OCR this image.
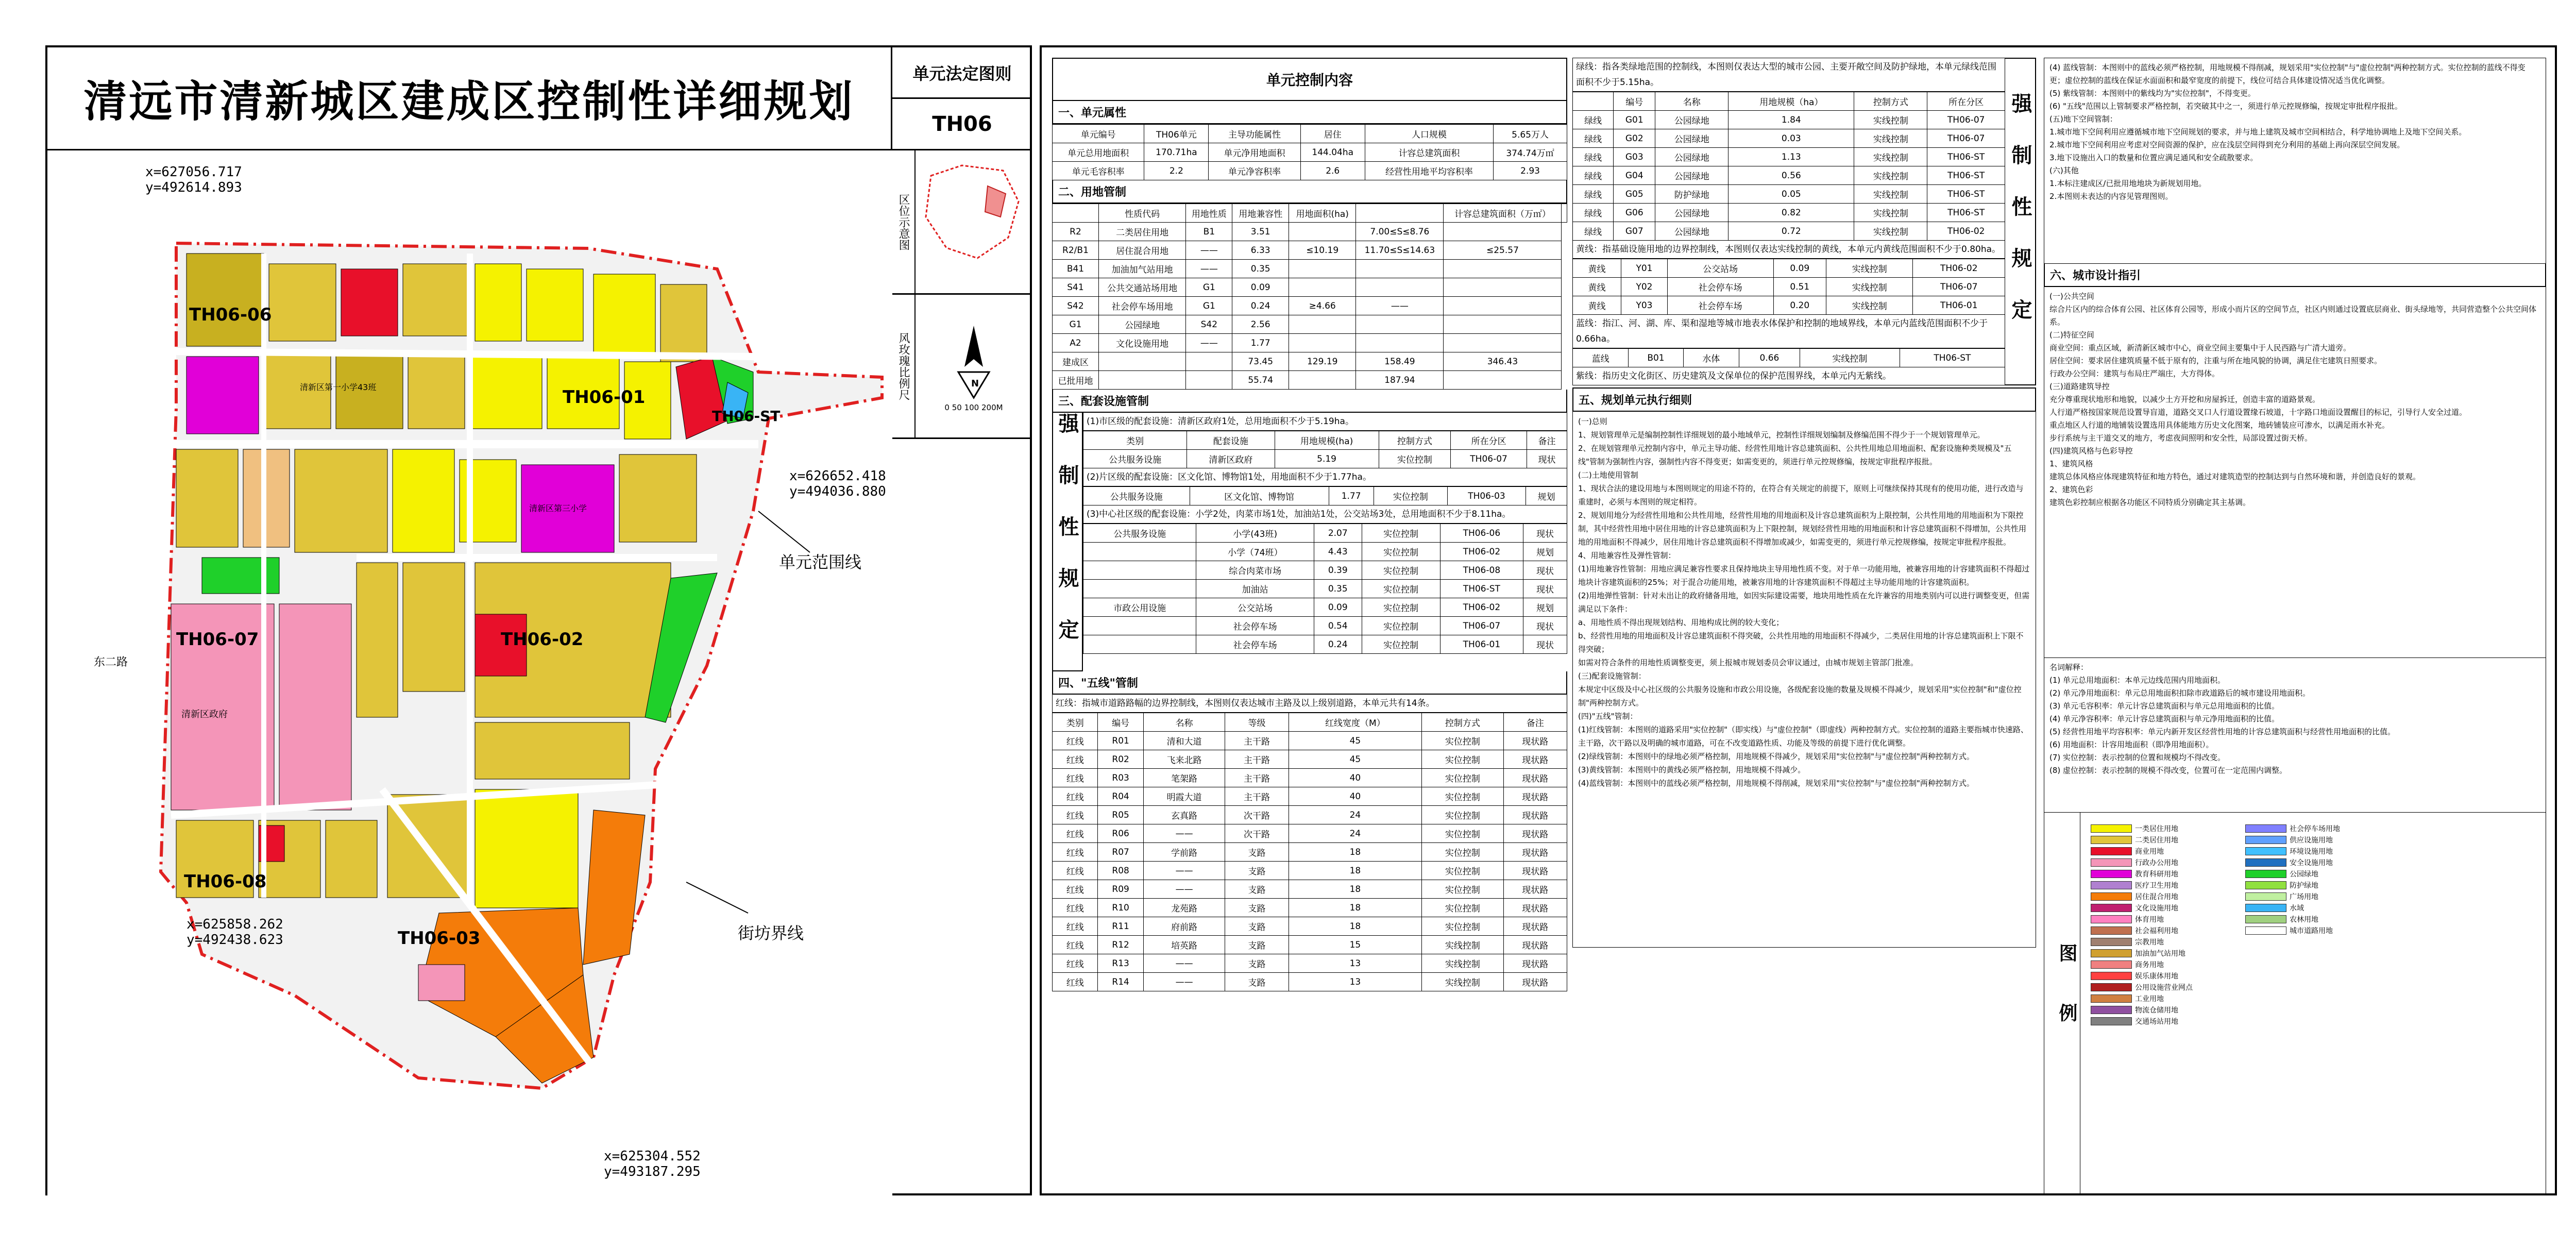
清远市清新城区建成区控制性详细规划
单元法定图则
TH06
区位示意图
风玫瑰比例尺	N
0 50 100 200M
TH06-06
TH06-01
TH06-ST
TH06-07	TH06-02
TH06-08
TH06-03
东二路
清新区第一小学43班
清新区第三小学
清新区政府
x=627056.717
y=492614.893
x=626652.418
y=494036.880
x=625858.262
y=492438.623
x=625304.552
y=493187.295
单元范围线
街坊界线
单元控制内容
一、单元属性
单元编号	TH06单元	主导功能属性	居住	人口规模	5.65万人
单元总用地面积	170.71ha	单元净用地面积	144.04ha	计容总建筑面积	374.74万㎡
单元毛容积率	2.2	单元净容积率	2.6	经营性用地平均容积率	2.93
二、用地管制
	性质代码	用地性质	用地兼容性	用地面积(ha)		计容总建筑面积（万㎡）	
R2	二类居住用地	B1	3.51		7.00≤S≤8.76		
R2/B1	居住混合用地	——	6.33	≤10.19	11.70≤S≤14.63	≤25.57	
B41	加油加气站用地	——	0.35				
S41	公共交通站场用地	G1	0.09				
S42	社会停车场用地	G1	0.24	≥4.66	——		
G1	公园绿地	S42	2.56				
A2	文化设施用地	——	1.77				
建成区			73.45	129.19	158.49	346.43	
已批用地			55.74		187.94		
三、配套设施管制
强制性规定 (1)市区级的配套设施：清新区政府1处，总用地面积不少于5.19ha。
类别	配套设施	用地规模(ha)	控制方式	所在分区	备注
公共服务设施	清新区政府	5.19	实位控制	TH06-07	现状
(2)片区级的配套设施：区文化馆、博物馆1处，用地面积不少于1.77ha。
公共服务设施	区文化馆、博物馆	1.77	实位控制	TH06-03	规划
(3)中心社区级的配套设施：小学2处，肉菜市场1处，加油站1处，公交站场3处，总用地面积不少于8.11ha。
公共服务设施	小学(43班)	2.07	实位控制	TH06-06	现状
	小学（74班）	4.43	实位控制	TH06-02	规划
	综合肉菜市场	0.39	实位控制	TH06-08	现状
	加油站	0.35	实位控制	TH06-ST	现状
市政公用设施	公交站场	0.09	实位控制	TH06-02	规划
	社会停车场	0.54	实位控制	TH06-07	现状
	社会停车场	0.24	实位控制	TH06-01	现状
四、"五线"管制
红线：指城市道路路幅的边界控制线，本图则仅表达城市主路及以上级别道路，本单元共有14条。
类别	编号	名称	等级	红线宽度（M）	控制方式	备注
红线	R01	清和大道	主干路	45	实位控制	现状路
红线	R02	飞来北路	主干路	45	实位控制	现状路
红线	R03	笔架路	主干路	40	实位控制	现状路
红线	R04	明霞大道	主干路	40	实位控制	现状路
红线	R05	玄真路	次干路	24	实位控制	现状路
红线	R06	——	次干路	24	实位控制	现状路
红线	R07	学前路	支路	18	实位控制	现状路
红线	R08	——	支路	18	实位控制	现状路
红线	R09	——	支路	18	实位控制	现状路
红线	R10	龙苑路	支路	18	实位控制	现状路
红线	R11	府前路	支路	18	实位控制	现状路
红线	R12	培英路	支路	15	实线控制	现状路
红线	R13	——	支路	13	实线控制	现状路
红线	R14	——	支路	13	实线控制	现状路
绿线：指各类绿地范围的控制线，本图则仅表达大型的城市公园、主要开敞空间及防护绿地，本单元绿线范围面积不少于5.15ha。
	编号	名称	用地规模（ha）	控制方式	所在分区
绿线	G01	公园绿地	1.84	实线控制	TH06-07
绿线	G02	公园绿地	0.03	实线控制	TH06-07
绿线	G03	公园绿地	1.13	实线控制	TH06-ST
绿线	G04	公园绿地	0.56	实线控制	TH06-ST
绿线	G05	防护绿地	0.05	实线控制	TH06-ST
绿线	G06	公园绿地	0.82	实线控制	TH06-ST
绿线	G07	公园绿地	0.72	实线控制	TH06-02
黄线：指基础设施用地的边界控制线，本图则仅表达实线控制的黄线，本单元内黄线范围面积不少于0.80ha。
黄线	Y01	公交站场	0.09	实线控制	TH06-02
黄线	Y02	社会停车场	0.51	实线控制	TH06-07
黄线	Y03	社会停车场	0.20	实线控制	TH06-01
蓝线：指江、河、湖、库、渠和湿地等城市地表水体保护和控制的地域界线，本单元内蓝线范围面积不少于0.66ha。
蓝线	B01	水体	0.66	实线控制	TH06-ST
紫线：指历史文化街区、历史建筑及文保单位的保护范围界线，本单元内无紫线。
强制性规定
五、规划单元执行细则

(一)总则

1、规划管理单元是编制控制性详细规划的最小地域单元，控制性详细规划编制及修编范围不得少于一个规划管理单元。

2、在规划管理单元控制内容中，单元主导功能、经营性用地计容总建筑面积、公共性用地总用地面积、配套设施种类规模及"五线"管制为强制性内容，强制性内容不得变更；如需变更的，须进行单元控规修编，按规定审批程序报批。

(二)土地使用管制

1、现状合法的建设用地与本图则规定的用途不符的，在符合有关规定的前提下，原则上可继续保持其现有的使用功能，进行改造与重建时，必须与本图则的规定相符。

2、规划用地分为经营性用地和公共性用地，经营性用地的用地面积及计容总建筑面积为上限控制，公共性用地的用地面积为下限控制，其中经营性用地中居住用地的计容总建筑面积为上下限控制，规划经营性用地的用地面积和计容总建筑面积不得增加，公共性用地的用地面积不得减少，居住用地计容总建筑面积不得增加或减少，如需变更的，须进行单元控规修编，按规定审批程序报批。

4、用地兼容性及弹性管制：

(1)用地兼容性管制：用地应满足兼容性要求且保持地块主导用地性质不变。对于单一功能用地，被兼容用地的计容建筑面积不得超过地块计容建筑面积的25%；对于混合功能用地，被兼容用地的计容建筑面积不得超过主导功能用地的计容建筑面积。

(2)用地弹性管制：针对未出让的政府储备用地，如因实际建设需要，地块用地性质在允许兼容的用地类别内可以进行调整变更，但需满足以下条件：

a、用地性质不得出现规划结构、用地构成比例的较大变化；

b、经营性用地的用地面积及计容总建筑面积不得突破，公共性用地的用地面积不得减少，二类居住用地的计容总建筑面积上下限不得突破；

如需对符合条件的用地性质调整变更，须上报城市规划委员会审议通过，由城市规划主管部门批准。

(三)配套设施管制：

本规定中区级及中心社区级的公共服务设施和市政公用设施，各级配套设施的数量及规模不得减少，规划采用"实位控制"和"虚位控制"两种控制方式。

(四)"五线"管制：

(1)红线管制：本图则的道路采用"实位控制"（即实线）与"虚位控制"（即虚线）两种控制方式。实位控制的道路主要指城市快速路、主干路，次干路以及明确的城市道路，可在不改变道路性质、功能及等级的前提下进行优化调整。

(2)绿线管制：本图则中的绿地必须严格控制，用地规模不得减少，规划采用"实位控制"与"虚位控制"两种控制方式。

(3)黄线管制：本图则中的黄线必须严格控制，用地规模不得减少。

(4)蓝线管制：本图则中的蓝线必须严格控制，用地规模不得削减，规划采用"实位控制"与"虚位控制"两种控制方式。

(4) 蓝线管制：本图则中的蓝线必须严格控制，用地规模不得削减，规划采用"实位控制"与"虚位控制"两种控制方式。实位控制的蓝线不得变更；虚位控制的蓝线在保证水面面积和最窄宽度的前提下，线位可结合具体建设情况适当优化调整。

(5) 紫线管制：本图则中的紫线均为"实位控制"，不得变更。

(6) "五线"范围以上管制要求严格控制，若突破其中之一，须进行单元控规修编，按规定审批程序报批。

(五)地下空间管制：

1.城市地下空间利用应遵循城市地下空间规划的要求，并与地上建筑及城市空间相结合，科学地协调地上及地下空间关系。

2.城市地下空间利用应考虑对空间资源的保护，应在浅层空间得到充分利用的基础上再向深层空间发展。

3.地下设施出入口的数量和位置应满足通风和安全疏散要求。

(六)其他

1.本标注建成区/已批用地地块为新规划用地。

2.本图则未表达的内容见管理图则。

六、城市设计指引

(一)公共空间

综合片区内的综合体育公园、社区体育公园等，形成小而片区的空间节点，社区内则通过设置底层商业、街头绿地等，共同营造整个公共空间体系。

(二)特征空间

商业空间：重点区域，新清新区城市中心，商业空间主要集中于人民西路与广清大道旁。

居住空间：要求居住建筑质量不低于原有的，注重与所在地风貌的协调，满足住宅建筑日照要求。

行政办公空间：建筑与布局庄严端庄，大方得体。

(三)道路建筑导控

充分尊重现状地形和地貌，以减少土方开挖和房屋拆迁，创造丰富的道路景观。

人行道严格按国家规范设置导盲道，道路交叉口人行道设置缘石坡道，十字路口地面设置醒目的标记，引导行人安全过道。

重点地区人行道的地铺装设置选用具体能地方历史文化图案，地砖铺装应可渗水，以满足雨水补充。

步行系统与主干道交叉的地方，考虑夜间照明和安全性，局部设置过街天桥。

(四)建筑风格与色彩导控

1、建筑风格

建筑总体风格应体现建筑特征和地方特色，通过对建筑造型的控制达到与自然环境和谐，并创造良好的景观。

2、建筑色彩

建筑色彩控制应根据各功能区不同特质分别确定其主基调。

名词解释：

(1) 单元总用地面积：本单元边线范围内用地面积。

(2) 单元净用地面积：单元总用地面积扣除市政道路后的城市建设用地面积。

(3) 单元毛容积率：单元计容总建筑面积与单元总用地面积的比值。

(4) 单元净容积率：单元计容总建筑面积与单元净用地面积的比值。

(5) 经营性用地平均容积率：单元内新开发区经营性用地的计容总建筑面积与经营性用地面积的比值。

(6) 用地面积：计容用地面积（即净用地面积）。

(7) 实位控制：表示控制的位置和规模均不得改变。

(8) 虚位控制：表示控制的规模不得改变，位置可在一定范围内调整。

图例
一类居住用地
二类居住用地
商业用地
行政办公用地
教育科研用地
医疗卫生用地
居住混合用地
文化设施用地
体育用地
社会福利用地
宗教用地
加油加气站用地
商务用地
娱乐康体用地
公用设施营业网点
工业用地
物流仓储用地
交通场站用地
社会停车场用地
供应设施用地
环境设施用地
安全设施用地
公园绿地
防护绿地
广场用地
水域
农林用地
城市道路用地
